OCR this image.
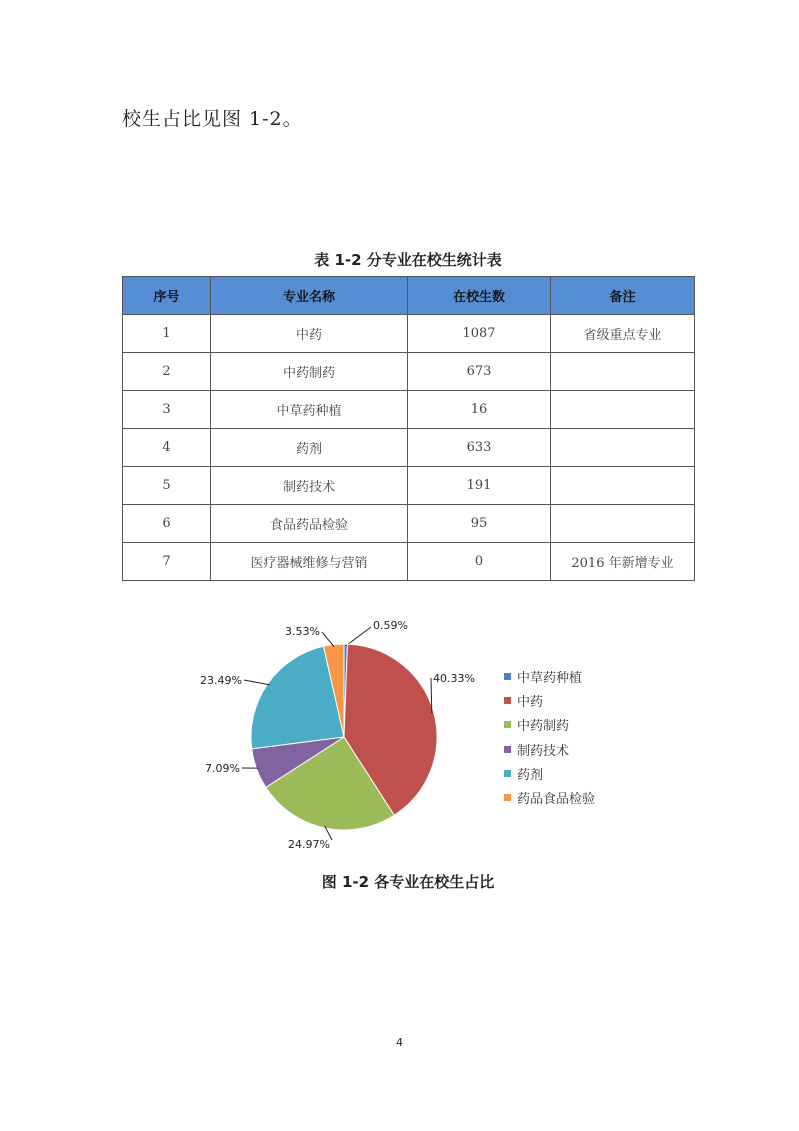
校生占比见图 1-2。

表 1-2 分专业在校生统计表

序号	专业名称	在校生数	备注
1	中药	1087	省级重点专业
2	中药制药	673	
3	中草药种植	16	
4	药剂	633	
5	制药技术	191	
6	食品药品检验	95	
7	医疗器械维修与营销	0	2016 年新增专业
0.59%
40.33%
24.97%
7.09%
23.49%
3.53%
中草药种植
中药
中药制药
制药技术
药剂
药品食品检验

图 1-2 各专业在校生占比

4
